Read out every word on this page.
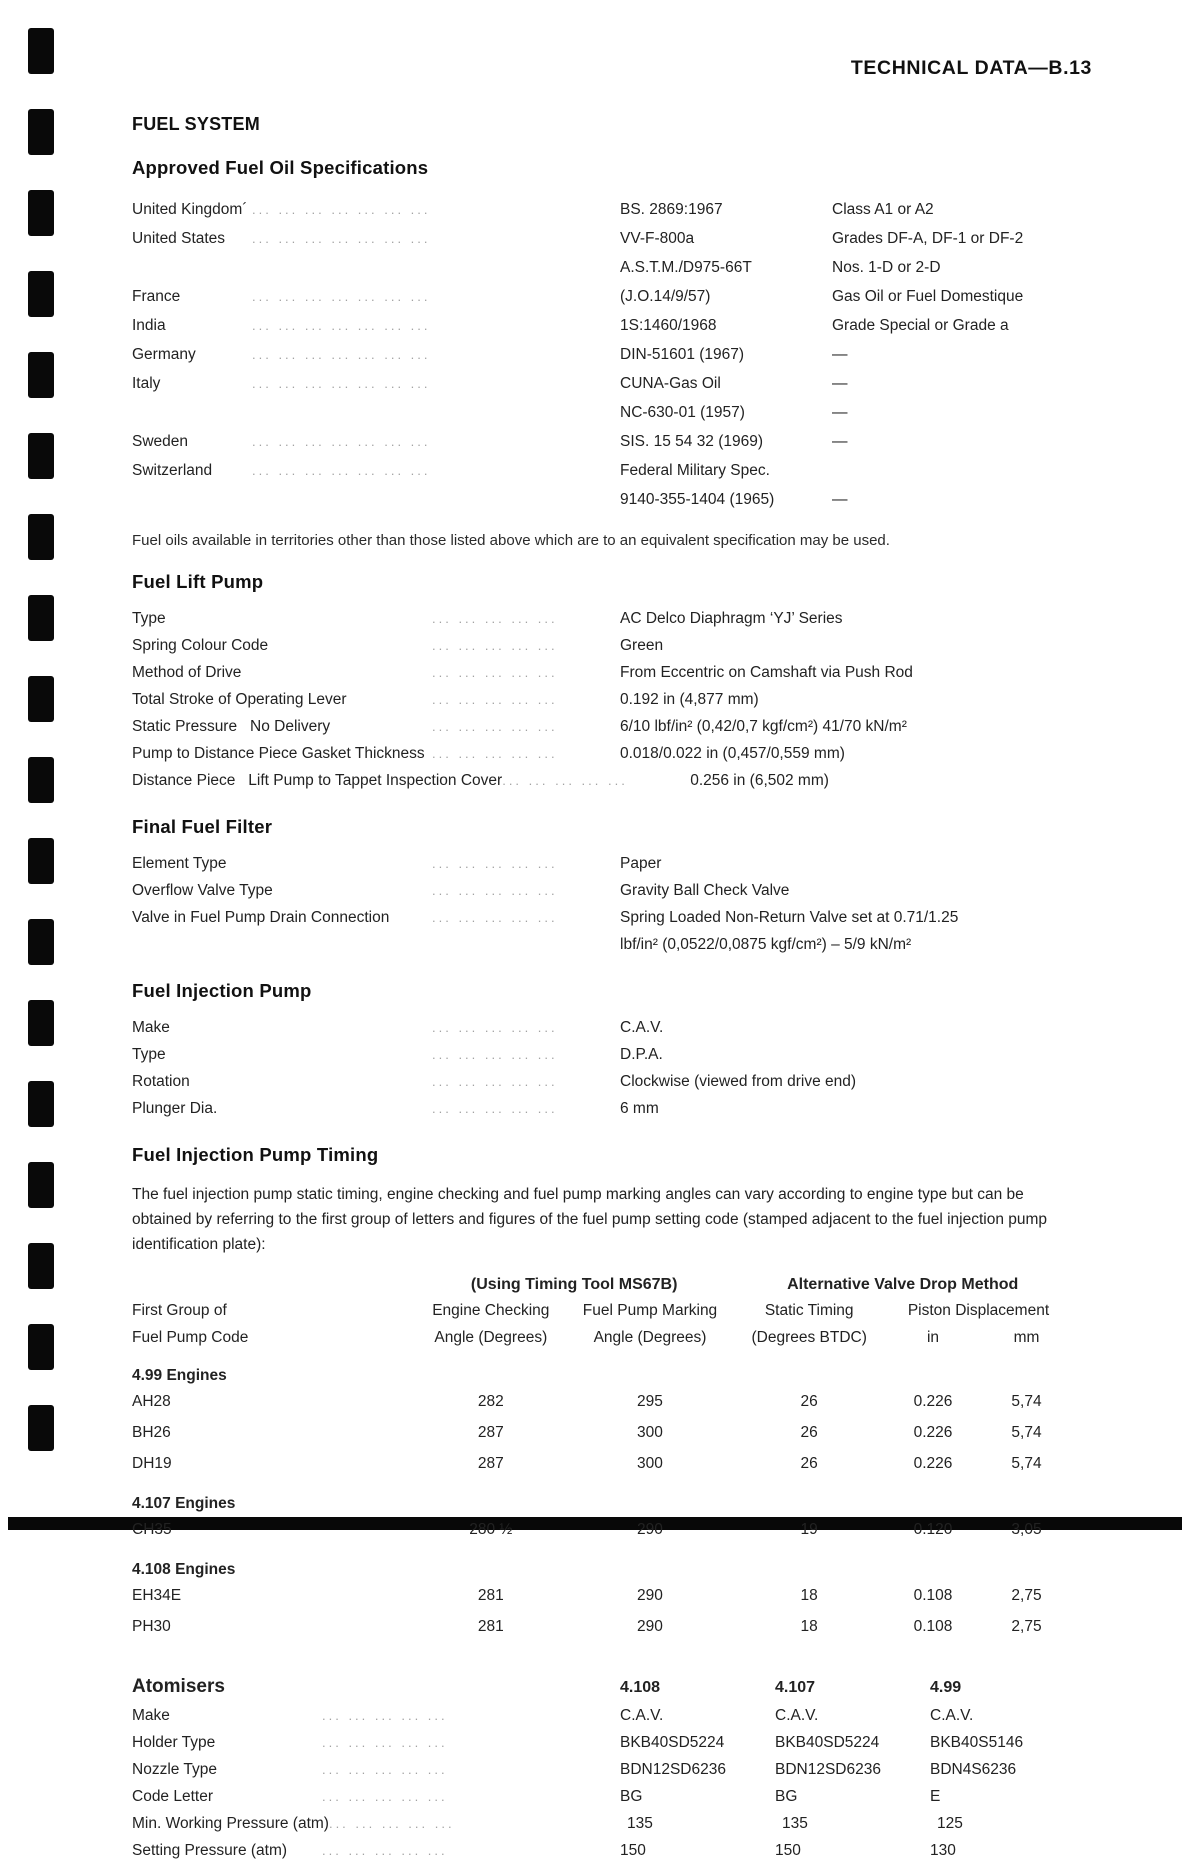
TECHNICAL DATA—B.13
FUEL SYSTEM
Approved Fuel Oil Specifications
United Kingdom´ ... ... ... ... ... ... ...	BS. 2869:1967	Class A1 or A2
United States	... ... ... ... ... ... ...	VV-F-800a	Grades DF-A, DF-1 or DF-2
A.S.T.M./D975-66T	Nos. 1-D or 2-D
France	... ... ... ... ... ... ...	(J.O.14/9/57)	Gas Oil or Fuel Domestique
India	... ... ... ... ... ... ...	1S:1460/1968	Grade Special or Grade a
Germany	... ... ... ... ... ... ...	DIN-51601 (1967)	—
Italy	... ... ... ... ... ... ...	CUNA-Gas Oil	—
NC-630-01 (1957)	—
Sweden	... ... ... ... ... ... ...	SIS. 15 54 32 (1969)	—
Switzerland	... ... ... ... ... ... ...	Federal Military Spec.
9140-355-1404 (1965)	—
Fuel oils available in territories other than those listed above which are to an equivalent specification may be used.
Fuel Lift Pump
Type	... ... ... ... ...	AC Delco Diaphragm ‘YJ’ Series
Spring Colour Code	... ... ... ... ...	Green
Method of Drive	... ... ... ... ...	From Eccentric on Camshaft via Push Rod
Total Stroke of Operating Lever	... ... ... ... ...	0.192 in (4,877 mm)
Static Pressure   No Delivery	... ... ... ... ...	6/10 lbf/in² (0,42/0,7 kgf/cm²) 41/70 kN/m²
Pump to Distance Piece Gasket Thickness ... ... ... ... ...	0.018/0.022 in (0,457/0,559 mm)
Distance Piece   Lift Pump to Tappet Inspection Cover ... ... ... ... ...	0.256 in (6,502 mm)
Final Fuel Filter
Element Type	... ... ... ... ...	Paper
Overflow Valve Type	... ... ... ... ...	Gravity Ball Check Valve
Valve in Fuel Pump Drain Connection	... ... ... ... ...	Spring Loaded Non-Return Valve set at 0.71/1.25
lbf/in² (0,0522/0,0875 kgf/cm²) – 5/9 kN/m²
Fuel Injection Pump
Make	... ... ... ... ...	C.A.V.
Type	... ... ... ... ...	D.P.A.
Rotation	... ... ... ... ...	Clockwise (viewed from drive end)
Plunger Dia.	... ... ... ... ...	6 mm
Fuel Injection Pump Timing
The fuel injection pump static timing, engine checking and fuel pump marking angles can vary according to engine type but can be obtained by referring to the first group of letters and figures of the fuel pump setting code (stamped adjacent to the fuel injection pump identification plate):
	(Using Timing Tool MS67B)		Alternative Valve Drop Method		
First Group of	Engine Checking	Fuel Pump Marking	Static Timing	Piston Displacement	
Fuel Pump Code	Angle (Degrees)	Angle (Degrees)	(Degrees BTDC)	in	mm
4.99 Engines					
AH28	282	295	26	0.226	5,74
BH26	287	300	26	0.226	5,74
DH19	287	300	26	0.226	5,74
4.107 Engines					
CH35	280 ½	290	19	0.120	3,05
4.108 Engines					
EH34E	281	290	18	0.108	2,75
PH30	281	290	18	0.108	2,75
Atomisers	4.108	4.107	4.99
Make	... ... ... ... ...	C.A.V.	C.A.V.	C.A.V.
Holder Type	... ... ... ... ...	BKB40SD5224	BKB40SD5224	BKB40S5146
Nozzle Type	... ... ... ... ...	BDN12SD6236	BDN12SD6236	BDN4S6236
Code Letter	... ... ... ... ...	BG	BG	E
Min. Working Pressure (atm) ... ... ... ... ...	135	135	125
Setting Pressure (atm)	... ... ... ... ...	150	150	130
